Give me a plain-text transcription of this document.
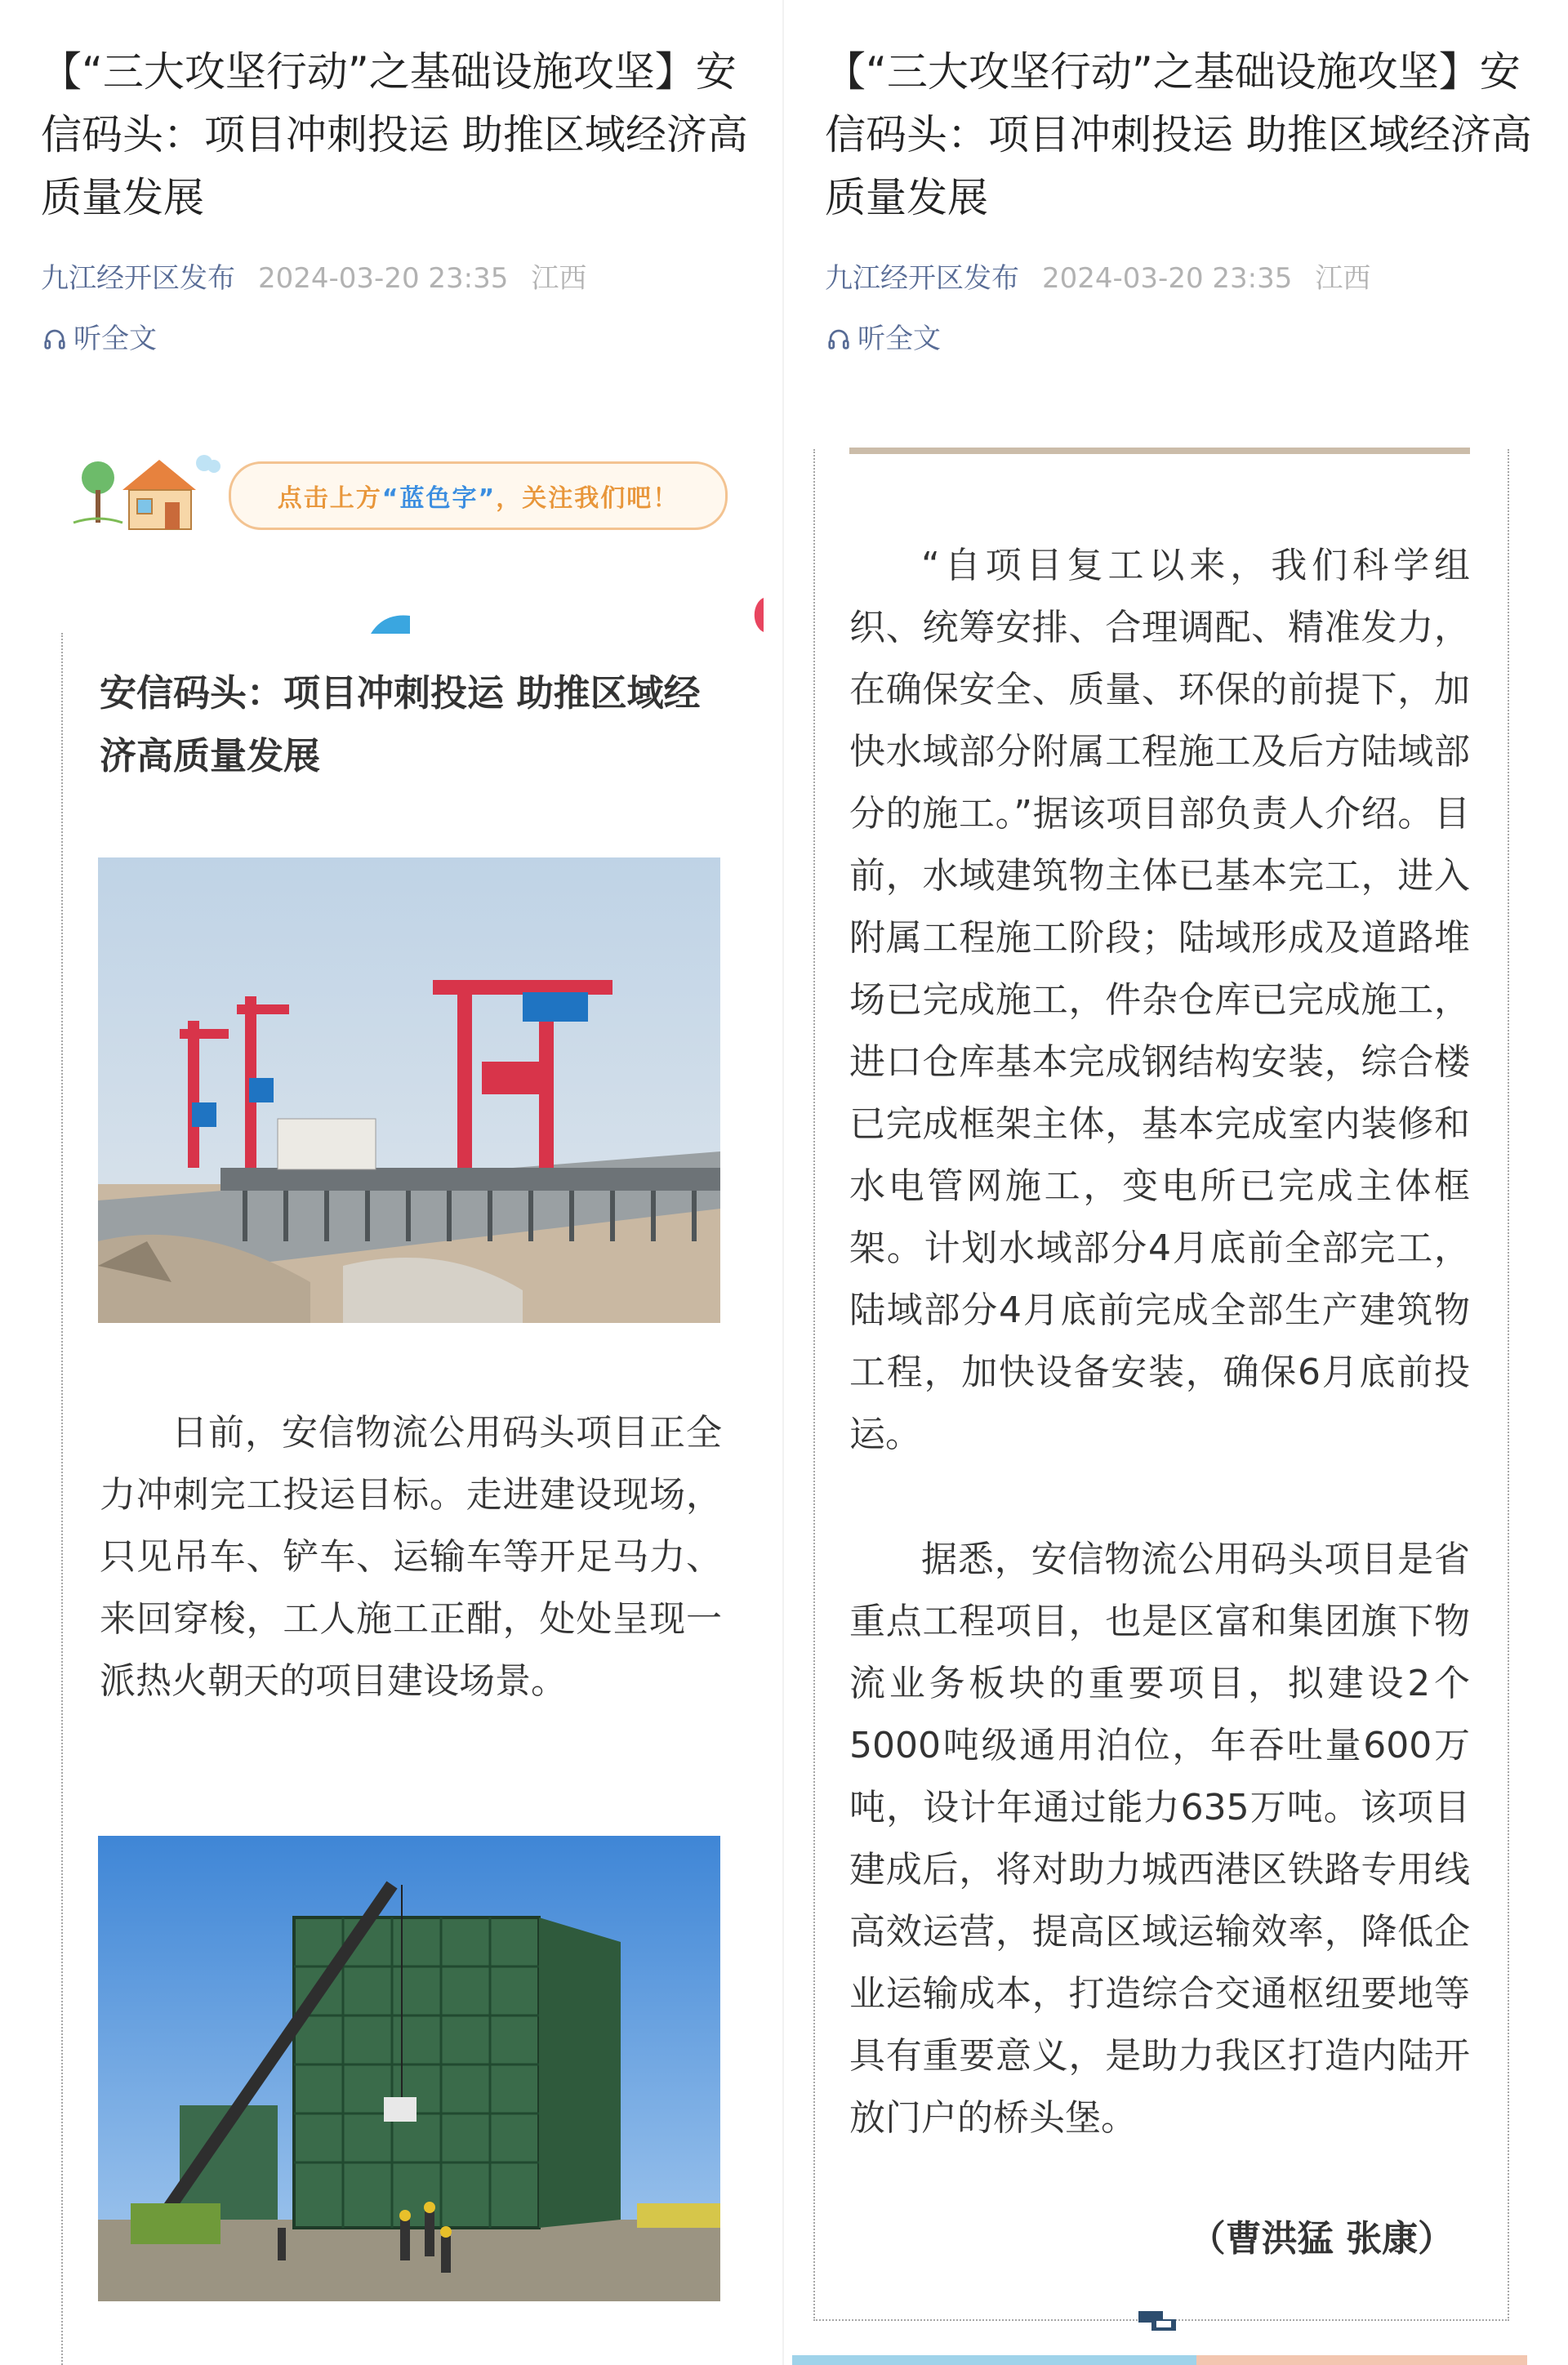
【“三大攻坚行动”之基础设施攻坚】安信码头：项目冲刺投运 助推区域经济高质量发展
九江经开区发布 2024-03-20 23:35 江西
听全文
点击上方 “蓝色字” ，关注我们吧！
安信码头：项目冲刺投运 助推区域经济高质量发展

日前，安信物流公用码头项目正全力冲刺完工投运目标。走进建设现场，只见吊车、铲车、运输车等开足马力、来回穿梭，工人施工正酣，处处呈现一派热火朝天的项目建设场景。

【“三大攻坚行动”之基础设施攻坚】安信码头：项目冲刺投运 助推区域经济高质量发展
九江经开区发布 2024-03-20 23:35 江西
听全文

“自项目复工以来，我们科学组织、统筹安排、合理调配、精准发力，在确保安全、质量、环保的前提下，加快水域部分附属工程施工及后方陆域部分的施工。”据该项目部负责人介绍。目前，水域建筑物主体已基本完工，进入附属工程施工阶段；陆域形成及道路堆场已完成施工，件杂仓库已完成施工，进口仓库基本完成钢结构安装，综合楼已完成框架主体，基本完成室内装修和水电管网施工，变电所已完成主体框架。计划水域部分4月底前全部完工，陆域部分4月底前完成全部生产建筑物工程，加快设备安装，确保6月底前投运。

据悉，安信物流公用码头项目是省重点工程项目，也是区富和集团旗下物流业务板块的重要项目，拟建设2个5000吨级通用泊位，年吞吐量600万吨，设计年通过能力635万吨。该项目建成后，将对助力城西港区铁路专用线高效运营，提高区域运输效率，降低企业运输成本，打造综合交通枢纽要地等具有重要意义，是助力我区打造内陆开放门户的桥头堡。

（曹洪猛 张康）
